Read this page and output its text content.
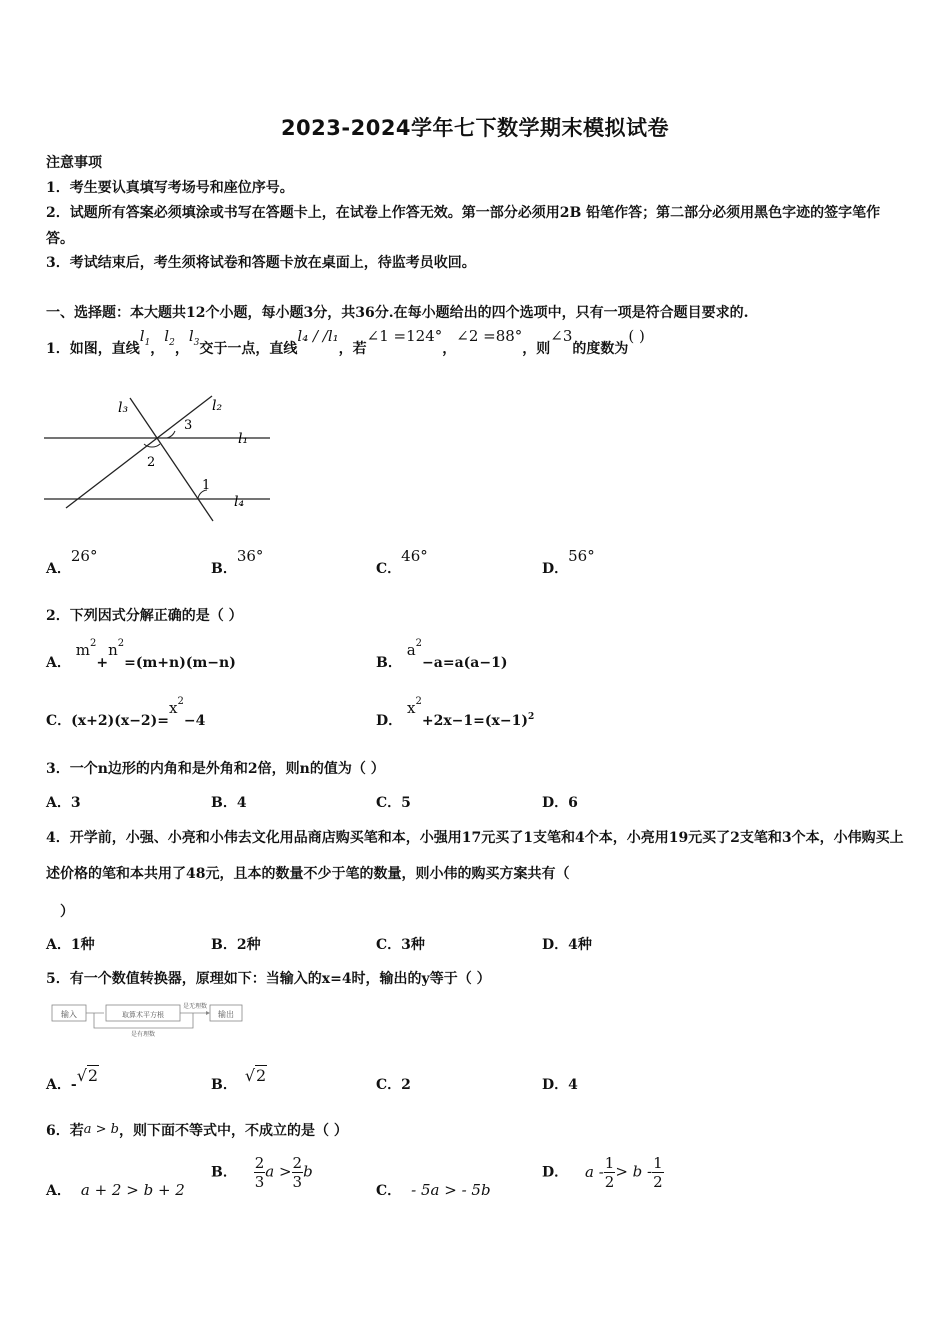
2023-2024学年七下数学期末模拟试卷
注意事项
1．考生要认真填写考场号和座位序号。
2．试题所有答案必须填涂或书写在答题卡上，在试卷上作答无效。第一部分必须用2B 铅笔作答；第二部分必须用黑色字迹的签字笔作答。
3．考试结束后，考生须将试卷和答题卡放在桌面上，待监考员收回。
一、选择题：本大题共12个小题，每小题3分，共36分.在每小题给出的四个选项中，只有一项是符合题目要求的.
1．如图，直线$l_1$，$l_2$，$l_3$交于一点，直线l₄ / /l₁，若∠1 =124°，∠2 =88°，则∠3的度数为( )
l₃	l₂
l₁
l₄
3
2
1
A．26°
B．36°
C．46°
D．56°
2．下列因式分解正确的是（ ）
A． $m^2+n^2=(m+n)(m-n)$	B． $a^2-a=a(a-1)$
C．$(x+2)(x-2)=x^2-4$	D． $x^2+2x-1=(x-1)^2$
3．一个n边形的内角和是外角和2倍，则n的值为（ ）
A．3	B．4	C．5	D．6
4．开学前，小强、小亮和小伟去文化用品商店购买笔和本，小强用17元买了1支笔和4个本，小亮用19元买了2支笔和3个本，小伟购买上述价格的笔和本共用了48元，且本的数量不少于笔的数量，则小伟的购买方案共有（
）
A．1种	B．2种	C．3种	D．4种
5．有一个数值转换器，原理如下：当输入的x=4时，输出的y等于（ ）
输入	取算术平方根
是无理数
输出
是有理数
A．-√2	B． √2	C．2	D．4
6．若a > b，则下面不等式中，不成立的是（ ）
A． a + 2 > b + 2
B． $\frac{2}{3}$ $a > \frac{2}{3}$ b
C． - 5a > - 5b
D． $a - \frac{1}{2} > b - \frac{1}{2}$
